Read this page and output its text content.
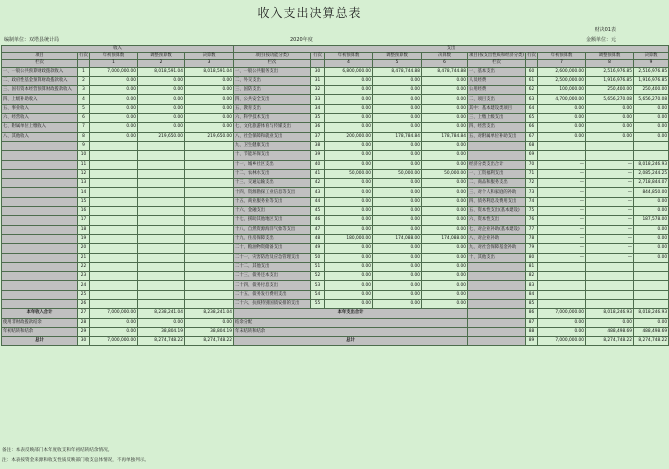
收入支出决算总表
财决01表
编制单位：双塔县统计局	2020年度	金额单位：元
收入					支出									
项目	行次	年初预算数	调整预算数	决算数	项目(按功能分类)	行次	年初预算数	调整预算数	决算数	项目(按支出性质和经济分类)	行次	年初预算数	调整预算数	决算数
栏次		1	2	3	栏次		4	5	6	栏次		7	8	9
一、一般公共预算财政拨款收入	1	7,000,000.00	8,018,591.04	8,018,591.04	一、一般公共服务支出	30	6,800,000.00	8,478,744.88	8,478,744.88	一、基本支出	60	2,600,000.00	2,516,976.85	2,516,976.85
二、政府性基金预算财政拨款收入	2	0.00	0.00	0.00	二、外交支出	31	0.00	0.00	0.00	人员经费	61	2,500,000.00	1,916,976.85	1,916,976.85
三、国有资本经营预算财政拨款收入	3	0.00	0.00	0.00	三、国防支出	32	0.00	0.00	0.00	公用经费	62	100,000.00	250,400.00	250,400.00
四、上级补助收入	4	0.00	0.00	0.00	四、公共安全支出	33	0.00	0.00	0.00	二、项目支出	63	4,700,000.00	5,656,270.08	5,656,270.08
五、事业收入	5	0.00	0.00	0.00	五、教育支出	34	0.00	0.00	0.00	其中：基本建设类项目	64	0.00	0.00	0.00
六、经营收入	6	0.00	0.00	0.00	六、科学技术支出	35	0.00	0.00	0.00	三、上缴上级支出	65	0.00	0.00	0.00
七、附属单位上缴收入	7	0.00	0.00	0.00	七、文化旅游体育与传媒支出	36	0.00	0.00	0.00	四、经营支出	66	0.00	0.00	0.00
八、其他收入	8	0.00	219,650.00	219,650.00	八、社会保障和就业支出	37	200,000.00	178,784.84	178,784.84	五、对附属单位补助支出	67	0.00	0.00	0.00
	9				九、卫生健康支出	38	0.00	0.00	0.00		68			
	10				十、节能环保支出	39	0.00	0.00	0.00		69			
	11				十一、城乡社区支出	40	0.00	0.00	0.00	经济分类支出合计	70	—	—	8,018,246.93
	12				十二、农林水支出	41	50,000.00	50,000.00	50,000.00	一、工资福利支出	71	—	—	2,085,244.25
	13				十三、交通运输支出	42	0.00	0.00	0.00	二、商品和服务支出	72	—	—	2,718,844.07
	14				十四、资源勘探工业信息等支出	43	0.00	0.00	0.00	三、对个人和家庭的补助	73	—	—	844,850.00
	15				十五、商业服务业等支出	44	0.00	0.00	0.00	四、债务利息及费用支出	74	—	—	0.00
	16				十六、金融支出	45	0.00	0.00	0.00	五、资本性支出(基本建设)	75	—	—	0.00
	17				十七、援助其他地区支出	46	0.00	0.00	0.00	六、资本性支出	76	—	—	187,578.00
	18				十八、自然资源海洋气象等支出	47	0.00	0.00	0.00	七、对企业补助(基本建设)	77	—	—	0.00
	19				十九、住房保障支出	48	180,000.00	174,088.00	174,088.00	八、对企业补助	78	—	—	0.00
	20				二十、粮油物资储备支出	49	0.00	0.00	0.00	九、对社会保障基金补助	79	—	—	0.00
	21				二十一、灾害防治及应急管理支出	50	0.00	0.00	0.00	十、其他支出	80	—	—	0.00
	22				二十二、其他支出	51	0.00	0.00	0.00		81			
	23				二十三、债务还本支出	52	0.00	0.00	0.00		82			
	24				二十四、债务付息支出	53	0.00	0.00	0.00		83			
	25				二十五、债务发行费用支出	54	0.00	0.00	0.00		84			
	26				二十六、抗疫特别国债安排的支出	55	0.00	0.00	0.00		85			
本年收入合计	27	7,000,000.00	8,238,241.04	8,238,241.04	本年支出合计						86	7,000,000.00	8,018,246.93	8,018,246.93
使用非财政拨款结余	28	0.00	0.00	0.00	结余分配						87	0.00	0.00	0.00
年初结转和结余	29	0.00	38,804.19	38,804.19	年末结转和结余						88	0.00	488,498.69	488,498.69
总计	30	7,000,000.00	8,274,748.22	8,274,748.22	总计						89	7,000,000.00	8,274,748.22	8,274,748.22
备注：本表反映部门本年度收支和年初结转结余情况。
注：本表按资金来源和收支性质反映部门收支总体情况，不再单独列示。
